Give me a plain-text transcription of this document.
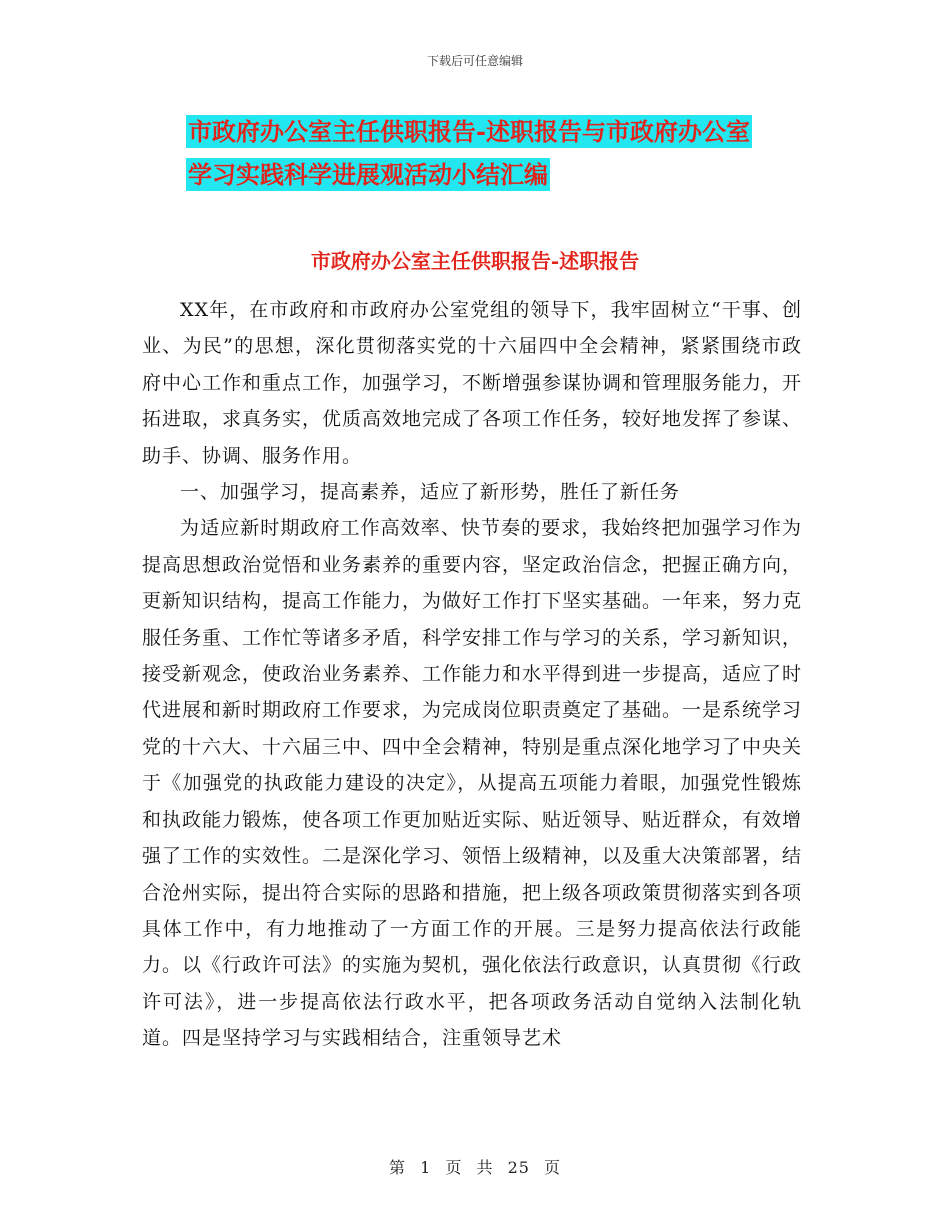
下载后可任意编辑
市政府办公室主任供职报告-述职报告与市政府办公室
学习实践科学进展观活动小结汇编
市政府办公室主任供职报告-述职报告

XX年，在市政府和市政府办公室党组的领导下，我牢固树立“干事、创业、为民”的思想，深化贯彻落实党的十六届四中全会精神，紧紧围绕市政府中心工作和重点工作，加强学习，不断增强参谋协调和管理服务能力，开拓进取，求真务实，优质高效地完成了各项工作任务，较好地发挥了参谋、助手、协调、服务作用。

一、加强学习，提高素养，适应了新形势，胜任了新任务

为适应新时期政府工作高效率、快节奏的要求，我始终把加强学习作为提高思想政治觉悟和业务素养的重要内容，坚定政治信念，把握正确方向，更新知识结构，提高工作能力，为做好工作打下坚实基础。一年来，努力克服任务重、工作忙等诸多矛盾，科学安排工作与学习的关系，学习新知识，接受新观念，使政治业务素养、工作能力和水平得到进一步提高，适应了时代进展和新时期政府工作要求，为完成岗位职责奠定了基础。一是系统学习党的十六大、十六届三中、四中全会精神，特别是重点深化地学习了中央关于《加强党的执政能力建设的决定》，从提高五项能力着眼，加强党性锻炼和执政能力锻炼，使各项工作更加贴近实际、贴近领导、贴近群众，有效增强了工作的实效性。二是深化学习、领悟上级精神，以及重大决策部署，结合沧州实际，提出符合实际的思路和措施，把上级各项政策贯彻落实到各项具体工作中，有力地推动了一方面工作的开展。三是努力提高依法行政能力。以《行政许可法》的实施为契机，强化依法行政意识，认真贯彻《行政许可法》，进一步提高依法行政水平，把各项政务活动自觉纳入法制化轨道。四是坚持学习与实践相结合，注重领导艺术

第 1 页 共 25 页
